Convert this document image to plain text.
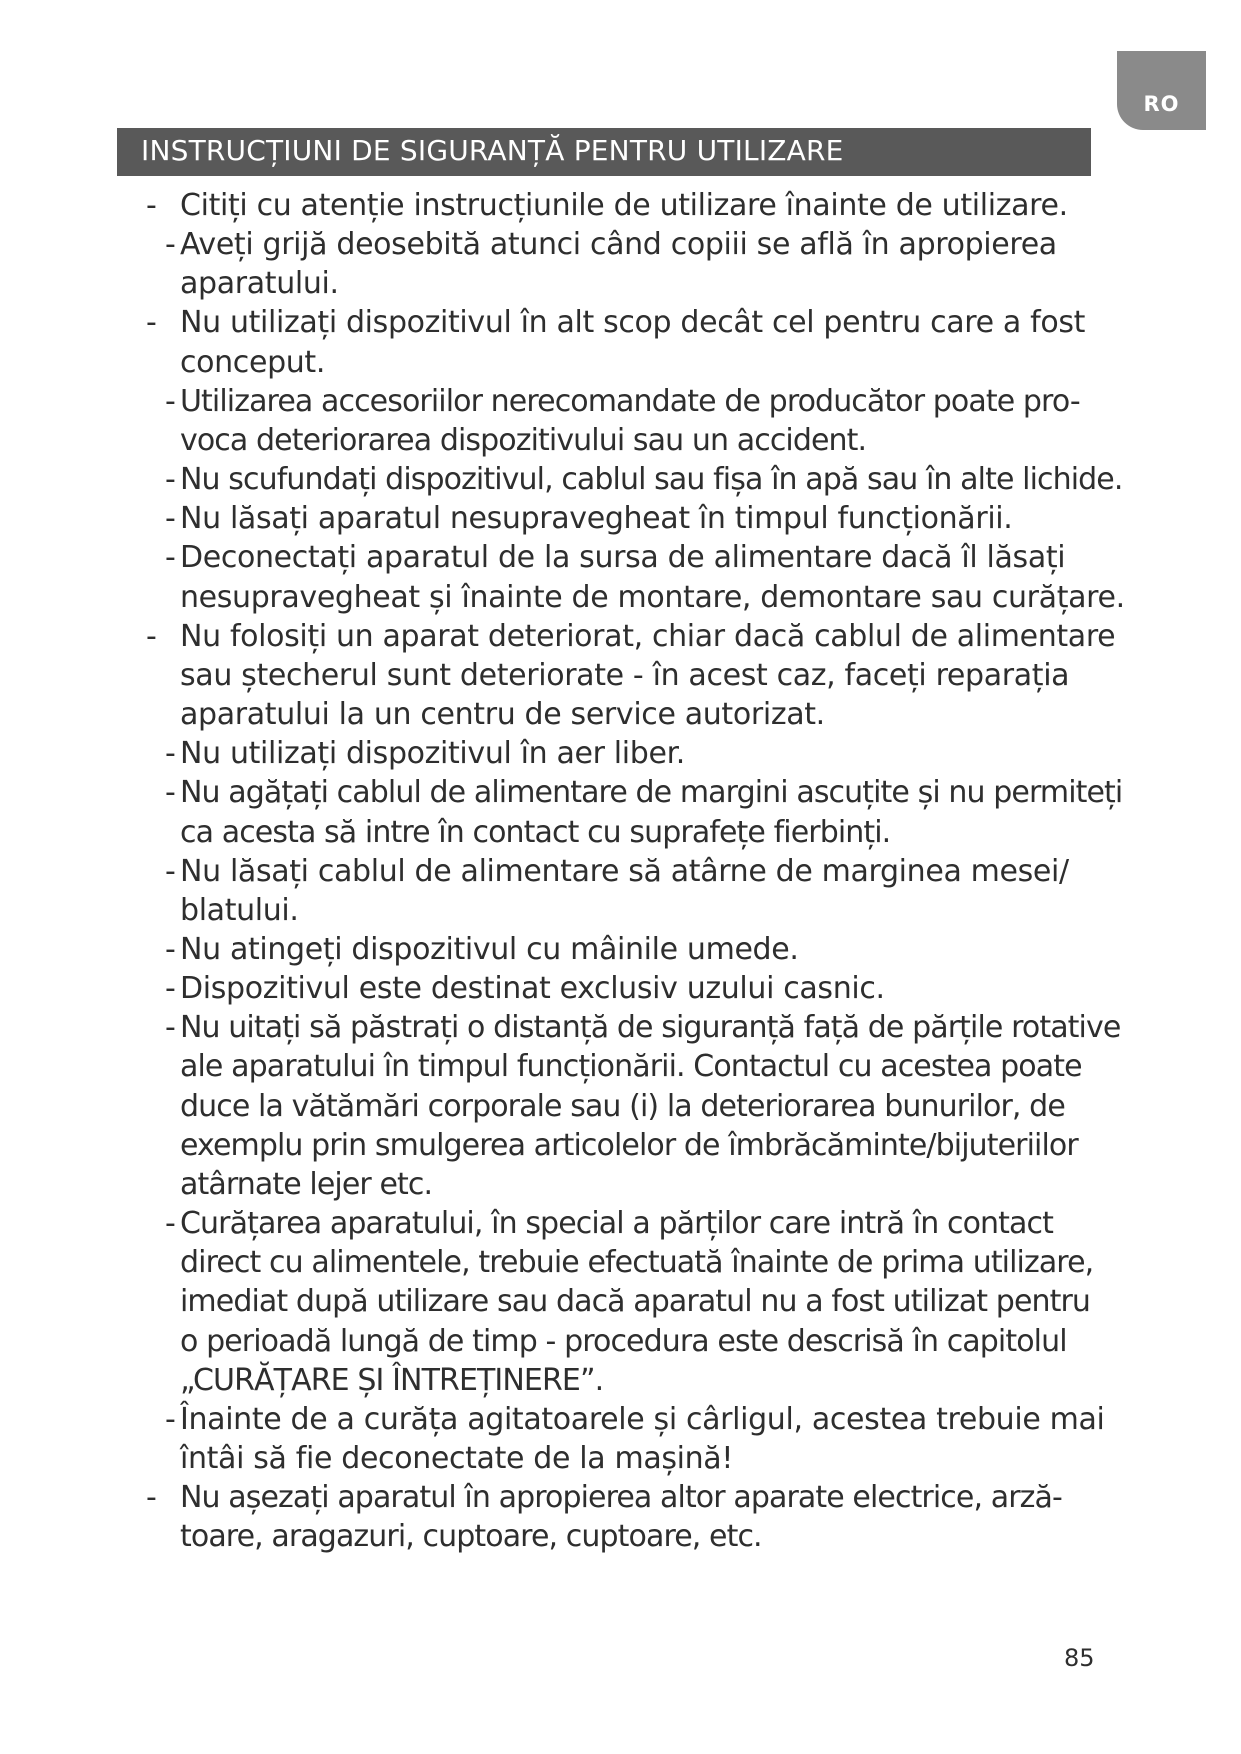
RO
INSTRUCȚIUNI DE SIGURANȚĂ PENTRU UTILIZARE
- Citiți cu atenție instrucțiunile de utilizare înainte de utilizare.
- Aveți grijă deosebită atunci când copiii se află în apropierea
aparatului.
- Nu utilizați dispozitivul în alt scop decât cel pentru care a fost
conceput.
- Utilizarea accesoriilor nerecomandate de producător poate pro-
voca deteriorarea dispozitivului sau un accident.
- Nu scufundați dispozitivul, cablul sau fișa în apă sau în alte lichide.
- Nu lăsați aparatul nesupravegheat în timpul funcționării.
- Deconectați aparatul de la sursa de alimentare dacă îl lăsați
nesupravegheat și înainte de montare, demontare sau curățare.
- Nu folosiți un aparat deteriorat, chiar dacă cablul de alimentare
sau ștecherul sunt deteriorate - în acest caz, faceți reparația
aparatului la un centru de service autorizat.
- Nu utilizați dispozitivul în aer liber.
- Nu agățați cablul de alimentare de margini ascuțite și nu permiteți
ca acesta să intre în contact cu suprafețe fierbinți.
- Nu lăsați cablul de alimentare să atârne de marginea mesei/
blatului.
- Nu atingeți dispozitivul cu mâinile umede.
- Dispozitivul este destinat exclusiv uzului casnic.
- Nu uitați să păstrați o distanță de siguranță față de părțile rotative
ale aparatului în timpul funcționării. Contactul cu acestea poate
duce la vătămări corporale sau (i) la deteriorarea bunurilor, de
exemplu prin smulgerea articolelor de îmbrăcăminte/bijuteriilor
atârnate lejer etc.
- Curățarea aparatului, în special a părților care intră în contact
direct cu alimentele, trebuie efectuată înainte de prima utilizare,
imediat după utilizare sau dacă aparatul nu a fost utilizat pentru
o perioadă lungă de timp - procedura este descrisă în capitolul
„CURĂȚARE ȘI ÎNTREȚINERE”.
- Înainte de a curăța agitatoarele și cârligul, acestea trebuie mai
întâi să fie deconectate de la mașină!
- Nu așezați aparatul în apropierea altor aparate electrice, arză-
toare, aragazuri, cuptoare, cuptoare, etc.
85
